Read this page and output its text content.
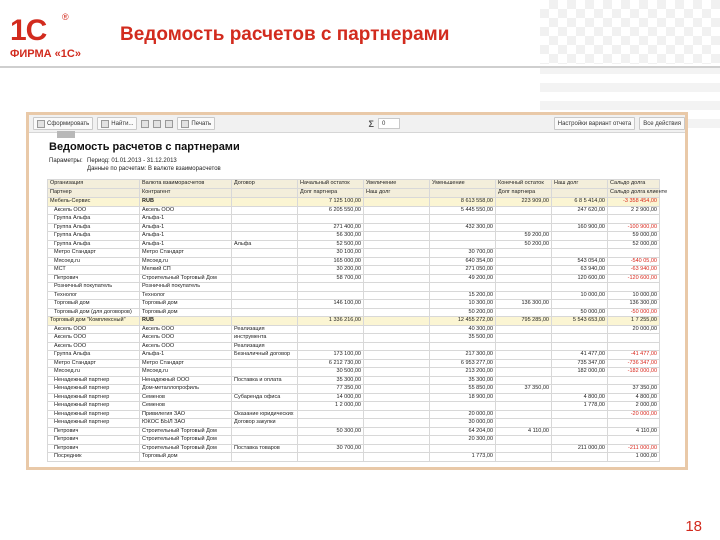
1С ®
ФИРМА «1С»
Ведомость расчетов с партнерами
Сформировать	Найти...	Печать	Σ	0	Настройки вариант отчета Все действия
Ведомость расчетов с партнерами
Параметры: Период: 01.01.2013 - 31.12.2013
Данные по расчетам: В валюте взаиморасчетов
Организация	Валюта взаиморасчетов	Договор	Начальный остаток	Увеличение	Уменьшение	Конечный остаток	Наш долг	Сальдо долга
Партнер	Контрагент		Долг партнера	Наш долг		Долг партнера		Сальдо долга клиенте
Мебель-Сервис	RUB		7 125 100,00		8 613 558,00	223 909,00	6 8 5 414,00	-3 358 454,00
Аксель ООО	Аксель ООО		6 205 550,00		5 445 550,00		247 620,00	2 2 900,00
Группа Альфа	Альфа-1							
Группа Альфа	Альфа-1		271 400,00		432 300,00		160 900,00	-100 900,00
Группа Альфа	Альфа-1		56 300,00			59 200,00		59 000,00
Группа Альфа	Альфа-1	Альфа	52 500,00			50 200,00		52 000,00
Метро Стандарт	Метро Стандарт		30 100,00		30 700,00			
Мясоед.ru	Мясоед.ru		165 000,00		640 354,00		543 054,00	-540 05,00
МСТ	Мелкий СП		30 200,00		271 050,00		63 940,00	-63 940,00
Петрович	Строительный Торговый Дом		58 700,00		49 200,00		120 600,00	-120 600,00
Розничный покупатель	Розничный покупатель							
Технолог	Технолог				15 200,00		10 000,00	10 000,00
Торговый дом	Торговый дом		146 100,00		10 300,00	136 300,00		136 300,00
Торговый дом (для договоров)	Торговый дом				50 200,00		50 000,00	-50 000,00
Торговый дом "Комплексный"	RUB		1 336 216,00		12 455 272,00	795 285,00	5 543 653,00	1 7 255,00
Аксель ООО	Аксель ООО	Реализация			40 300,00			20 000,00
Аксель ООО	Аксель ООО	инструмента			35 500,00			
Аксель ООО	Аксель ООО	Реализация						
Группа Альфа	Альфа-1	Безналичный договор	173 100,00		217 300,00		41 477,00	-41 477,00
Метро Стандарт	Метро Стандарт		6 212 730,00		6 953 277,00		735 347,00	-736 347,00
Мясоед.ru	Мясоед.ru		30 500,00		213 200,00		182 000,00	-182 000,00
Ненадежный партнер	Ненадежный ООО	Поставка и оплата	35 300,00		35 300,00			
Ненадежный партнер	Дом-металлопрофиль		77 350,00		55 850,00	37 350,00		37 350,00
Ненадежный партнер	Семенов	Субаренда офиса	14 000,00		18 900,00		4 800,00	4 800,00
Ненадежный партнер	Семенов		1 2 000,00				1 778,00	2 000,00
Ненадежный партнер	Привилегия ЗАО	Оказание юридических			20 000,00			-20 000,00
Ненадежный партнер	ЮКОС БЫЛ ЗАО	Договор закупки			30 000,00			
Петрович	Строительный Торговый Дом		50 300,00		64 204,00	4 110,00		4 110,00
Петрович	Строительный Торговый Дом				20 300,00			
Петрович	Строительный Торговый Дом	Поставка товаров	30 700,00				211 000,00	-211 000,00
Посредник	Торговый дом				1 773,00			1 000,00
18
